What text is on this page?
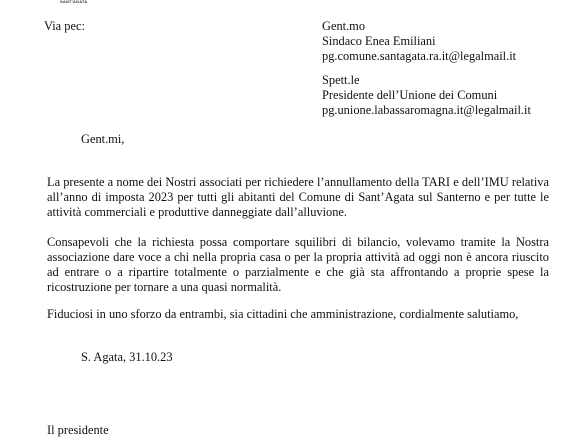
SANT'AGATA
Via pec:	Gent.mo
Sindaco Enea Emiliani
pg.comune.santagata.ra.it@legalmail.it
Spett.le
Presidente dell’Unione dei Comuni
pg.unione.labassaromagna.it@legalmail.it
Gent.mi,
La presente a nome dei Nostri associati per richiedere l’annullamento della TARI e dell’IMU relativa all’anno di imposta 2023 per tutti gli abitanti del Comune di Sant’Agata sul Santerno e per tutte le attività commerciali e produttive danneggiate dall’alluvione.
Consapevoli che la richiesta possa comportare squilibri di bilancio, volevamo tramite la Nostra associazione dare voce a chi nella propria casa o per la propria attività ad oggi non è ancora riuscito ad entrare o a ripartire totalmente o parzialmente e che già sta affrontando a proprie spese la ricostruzione per tornare a una quasi normalità.
Fiduciosi in uno sforzo da entrambi, sia cittadini che amministrazione, cordialmente salutiamo,
S. Agata, 31.10.23
Il presidente
